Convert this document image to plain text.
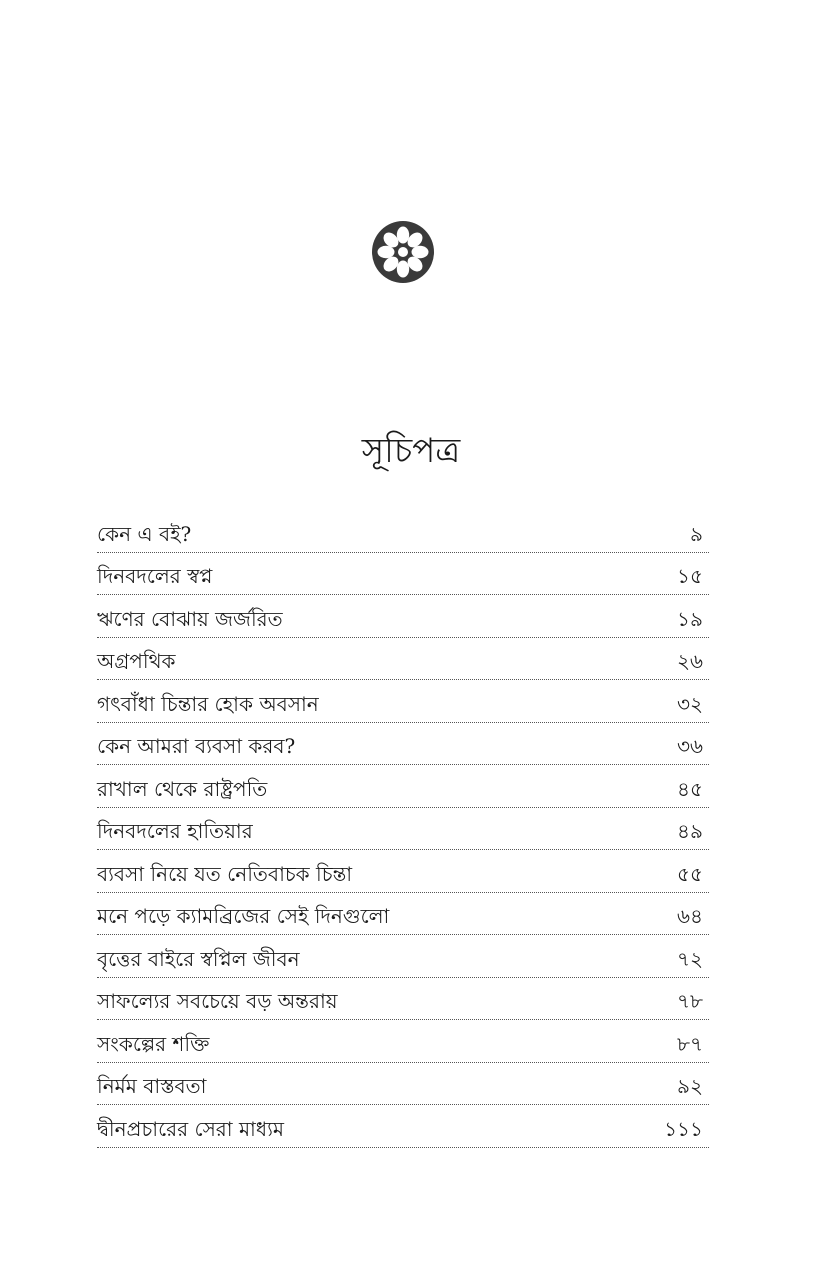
সূচিপত্র
কেন এ বই?	৯
দিনবদলের স্বপ্ন	১৫
ঋণের বোঝায় জর্জরিত	১৯
অগ্রপথিক	২৬
গৎবাঁধা চিন্তার হোক অবসান	৩২
কেন আমরা ব্যবসা করব?	৩৬
রাখাল থেকে রাষ্ট্রপতি	৪৫
দিনবদলের হাতিয়ার	৪৯
ব্যবসা নিয়ে যত নেতিবাচক চিন্তা	৫৫
মনে পড়ে ক্যামব্রিজের সেই দিনগুলো	৬৪
বৃত্তের বাইরে স্বপ্নিল জীবন	৭২
সাফল্যের সবচেয়ে বড় অন্তরায়	৭৮
সংকল্পের শক্তি	৮৭
নির্মম বাস্তবতা	৯২
দ্বীনপ্রচারের সেরা মাধ্যম	১১১
